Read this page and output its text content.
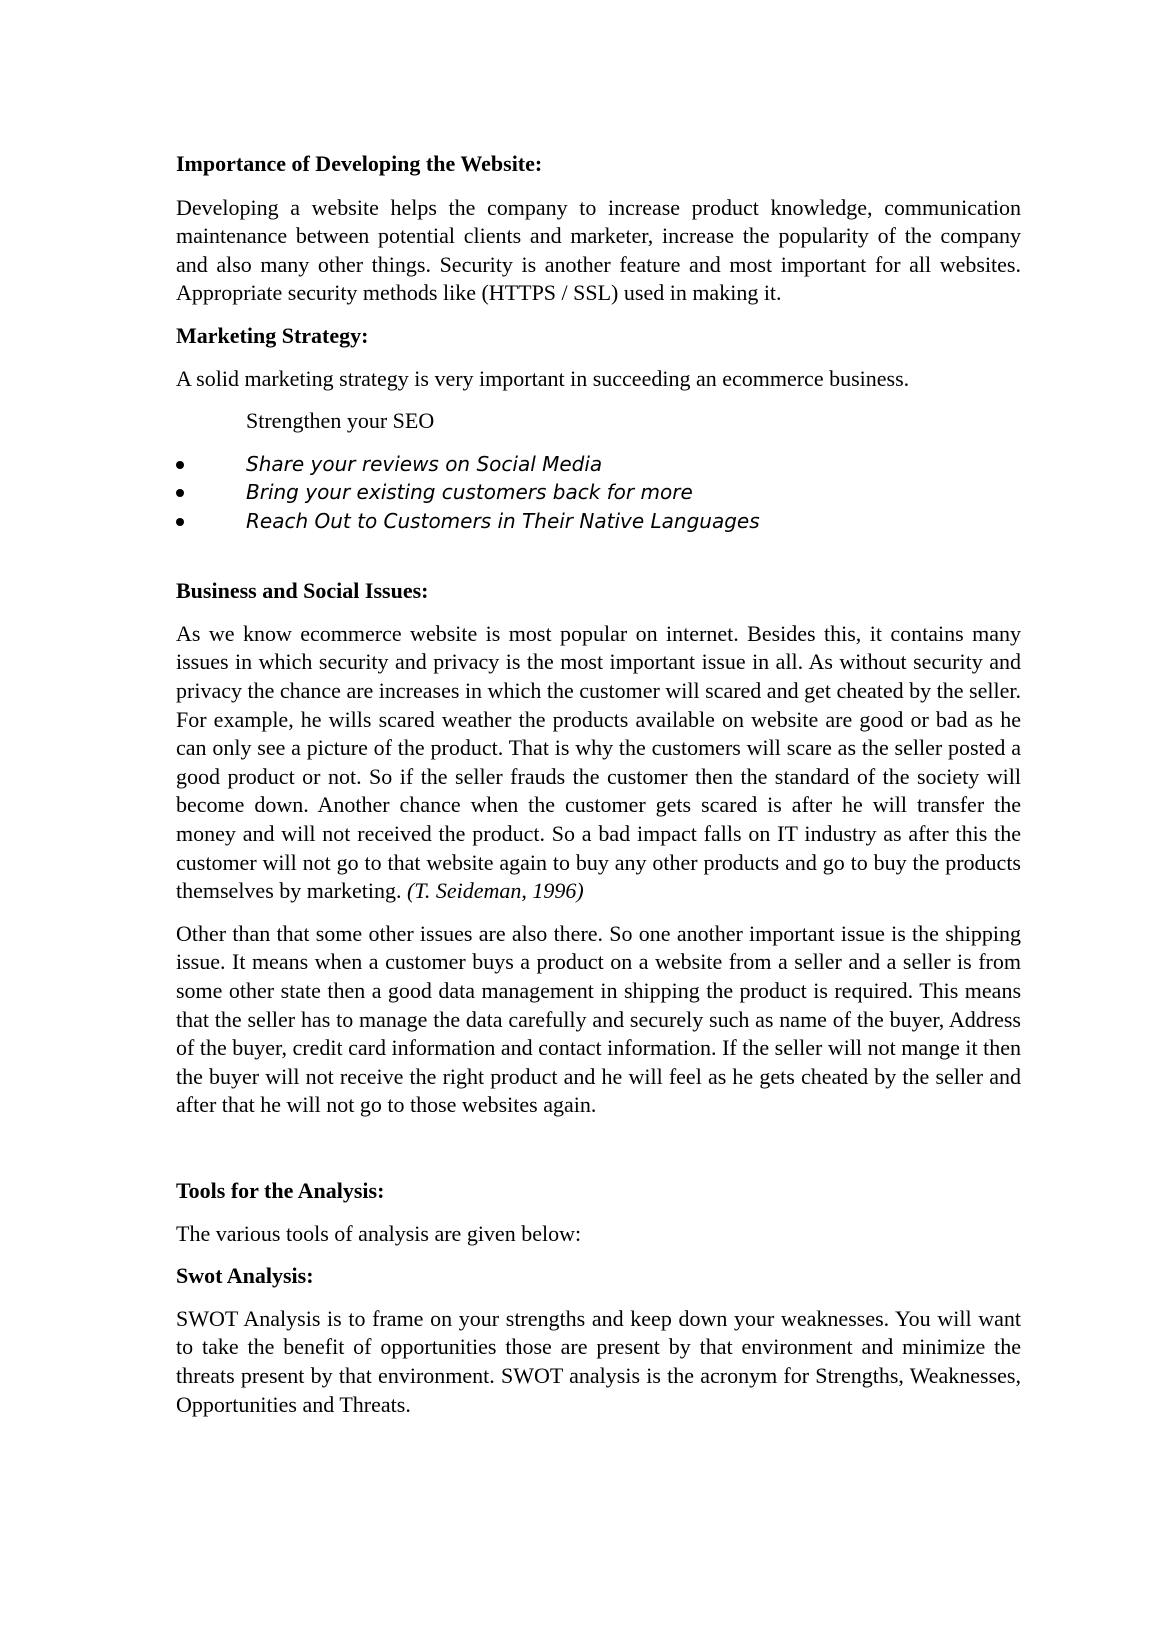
Importance of Developing the Website:

Developing a website helps the company to increase product knowledge, communication maintenance between potential clients and marketer, increase the popularity of the company and also many other things. Security is another feature and most important for all websites. Appropriate security methods like (HTTPS / SSL) used in making it.

Marketing Strategy:

A solid marketing strategy is very important in succeeding an ecommerce business.

Strengthen your SEO

Share your reviews on Social Media
Bring your existing customers back for more
Reach Out to Customers in Their Native Languages

Business and Social Issues:

As we know ecommerce website is most popular on internet. Besides this, it contains many issues in which security and privacy is the most important issue in all. As without security and privacy the chance are increases in which the customer will scared and get cheated by the seller. For example, he wills scared weather the products available on website are good or bad as he can only see a picture of the product. That is why the customers will scare as the seller posted a good product or not. So if the seller frauds the customer then the standard of the society will become down. Another chance when the customer gets scared is after he will transfer the money and will not received the product. So a bad impact falls on IT industry as after this the customer will not go to that website again to buy any other products and go to buy the products themselves by marketing. (T. Seideman, 1996)

Other than that some other issues are also there. So one another important issue is the shipping issue. It means when a customer buys a product on a website from a seller and a seller is from some other state then a good data management in shipping the product is required. This means that the seller has to manage the data carefully and securely such as name of the buyer, Address of the buyer, credit card information and contact information. If the seller will not mange it then the buyer will not receive the right product and he will feel as he gets cheated by the seller and after that he will not go to those websites again.

Tools for the Analysis:

The various tools of analysis are given below:

Swot Analysis:

SWOT Analysis is to frame on your strengths and keep down your weaknesses. You will want to take the benefit of opportunities those are present by that environment and minimize the threats present by that environment. SWOT analysis is the acronym for Strengths, Weaknesses, Opportunities and Threats.
